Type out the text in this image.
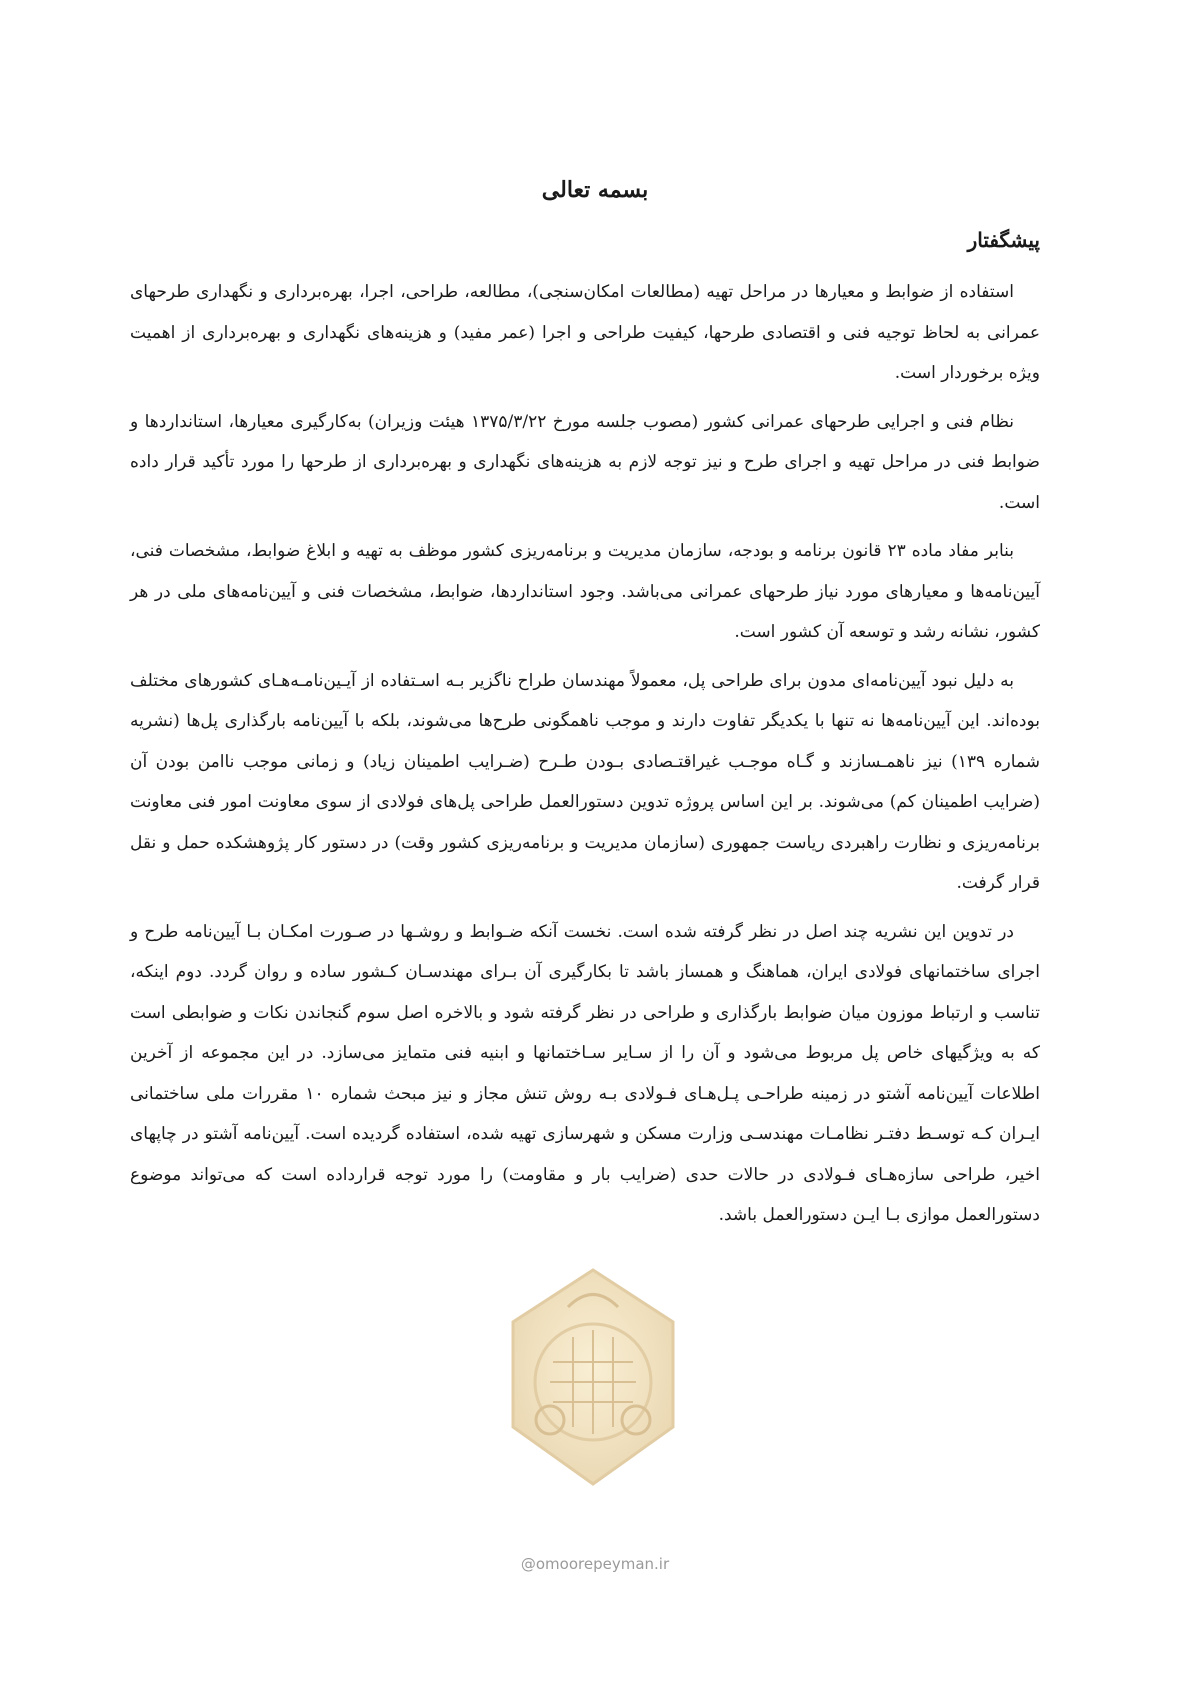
بسمه تعالی
پیشگفتار

استفاده از ضوابط و معیارها در مراحل تهیه (مطالعات امکان‌سنجی)، مطالعه، طراحی، اجرا، بهره‌برداری و نگهداری طرحهای عمرانی به لحاظ توجیه فنی و اقتصادی طرحها، کیفیت طراحی و اجرا (عمر مفید) و هزینه‌های نگهداری و بهره‌برداری از اهمیت ویژه برخوردار است.

نظام فنی و اجرایی طرحهای عمرانی کشور (مصوب جلسه مورخ ۱۳۷۵/۳/۲۲ هیئت وزیران) به‌کارگیری معیارها، استانداردها و ضوابط فنی در مراحل تهیه و اجرای طرح و نیز توجه لازم به هزینه‌های نگهداری و بهره‌برداری از طرحها را مورد تأکید قرار داده است.

بنابر مفاد ماده ۲۳ قانون برنامه و بودجه، سازمان مدیریت و برنامه‌ریزی کشور موظف به تهیه و ابلاغ ضوابط، مشخصات فنی، آیین‌نامه‌ها و معیارهای مورد نیاز طرحهای عمرانی می‌باشد. وجود استانداردها، ضوابط، مشخصات فنی و آیین‌نامه‌های ملی در هر کشور، نشانه رشد و توسعه آن کشور است.

به دلیل نبود آیین‌نامه‌ای مدون برای طراحی پل، معمولاً مهندسان طراح ناگزیر بـه اسـتفاده از آیـین‌نامـه‌هـای کشورهای مختلف بوده‌اند. این آیین‌نامه‌ها نه تنها با یکدیگر تفاوت دارند و موجب ناهمگونی طرح‌ها می‌شوند، بلکه با آیین‌نامه بارگذاری پل‌ها (نشریه شماره ۱۳۹) نیز ناهمـسازند و گـاه موجـب غیراقتـصادی بـودن طـرح (ضـرایب اطمینان زیاد) و زمانی موجب ناامن بودن آن (ضرایب اطمینان کم) می‌شوند. بر این اساس پروژه تدوین دستورالعمل طراحی پل‌های فولادی از سوی معاونت امور فنی معاونت برنامه‌ریزی و نظارت راهبردی ریاست جمهوری (سازمان مدیریت و برنامه‌ریزی کشور وقت) در دستور کار پژوهشکده حمل و نقل قرار گرفت.

در تدوین این نشریه چند اصل در نظر گرفته شده است. نخست آنکه ضـوابط و روشـها در صـورت امکـان بـا آیین‌نامه طرح و اجرای ساختمانهای فولادی ایران، هماهنگ و همساز باشد تا بکارگیری آن بـرای مهندسـان کـشور ساده و روان گردد. دوم اینکه، تناسب و ارتباط موزون میان ضوابط بارگذاری و طراحی در نظر گرفته شود و بالاخره اصل سوم گنجاندن نکات و ضوابطی است که به ویژگیهای خاص پل مربوط می‌شود و آن را از سـایر سـاختمانها و ابنیه فنی متمایز می‌سازد. در این مجموعه از آخرین اطلاعات آیین‌نامه آشتو در زمینه طراحـی پـل‌هـای فـولادی بـه روش تنش مجاز و نیز مبحث شماره ۱۰ مقررات ملی ساختمانی ایـران کـه توسـط دفتـر نظامـات مهندسـی وزارت مسکن و شهرسازی تهیه شده، استفاده گردیده است. آیین‌نامه آشتو در چاپهای اخیر، طراحی سازه‌هـای فـولادی در حالات حدی (ضرایب بار و مقاومت) را مورد توجه قرارداده است که می‌تواند موضوع دستورالعمل موازی بـا ایـن دستورالعمل باشد.

@omoorepeyman.ir
